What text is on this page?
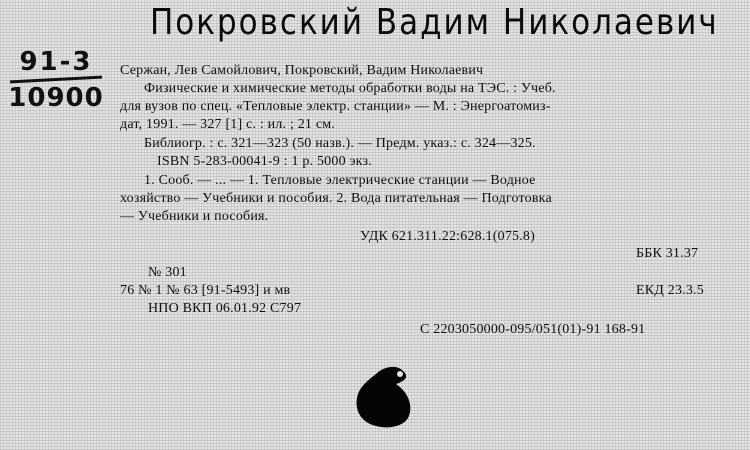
Покровский Вадим Николаевич
91-3
10900
Сержан, Лев Самойлович, Покровский, Вадим Николаевич
Физические и химические методы обработки воды на ТЭС. : Учеб.
для вузов по спец. «Тепловые электр. станции» — М. : Энергоатомиз-
дат, 1991. — 327 [1] с. : ил. ; 21 см.
Библиогр. : с. 321—323 (50 назв.). — Предм. указ.: с. 324—325.
ISBN 5-283-00041-9 : 1 р. 5000 экз.
1. Сооб. — ... — 1. Тепловые электрические станции — Водное
хозяйство — Учебники и пособия. 2. Вода питательная — Подготовка
— Учебники и пособия.
УДК 621.311.22:628.1(075.8)
ББК 31.37
№ 301
76 № 1 № 63 [91-5493] и мв	ЕКД 23.3.5
НПО ВКП 06.01.92 С797
С 2203050000-095/051(01)-91 168-91
